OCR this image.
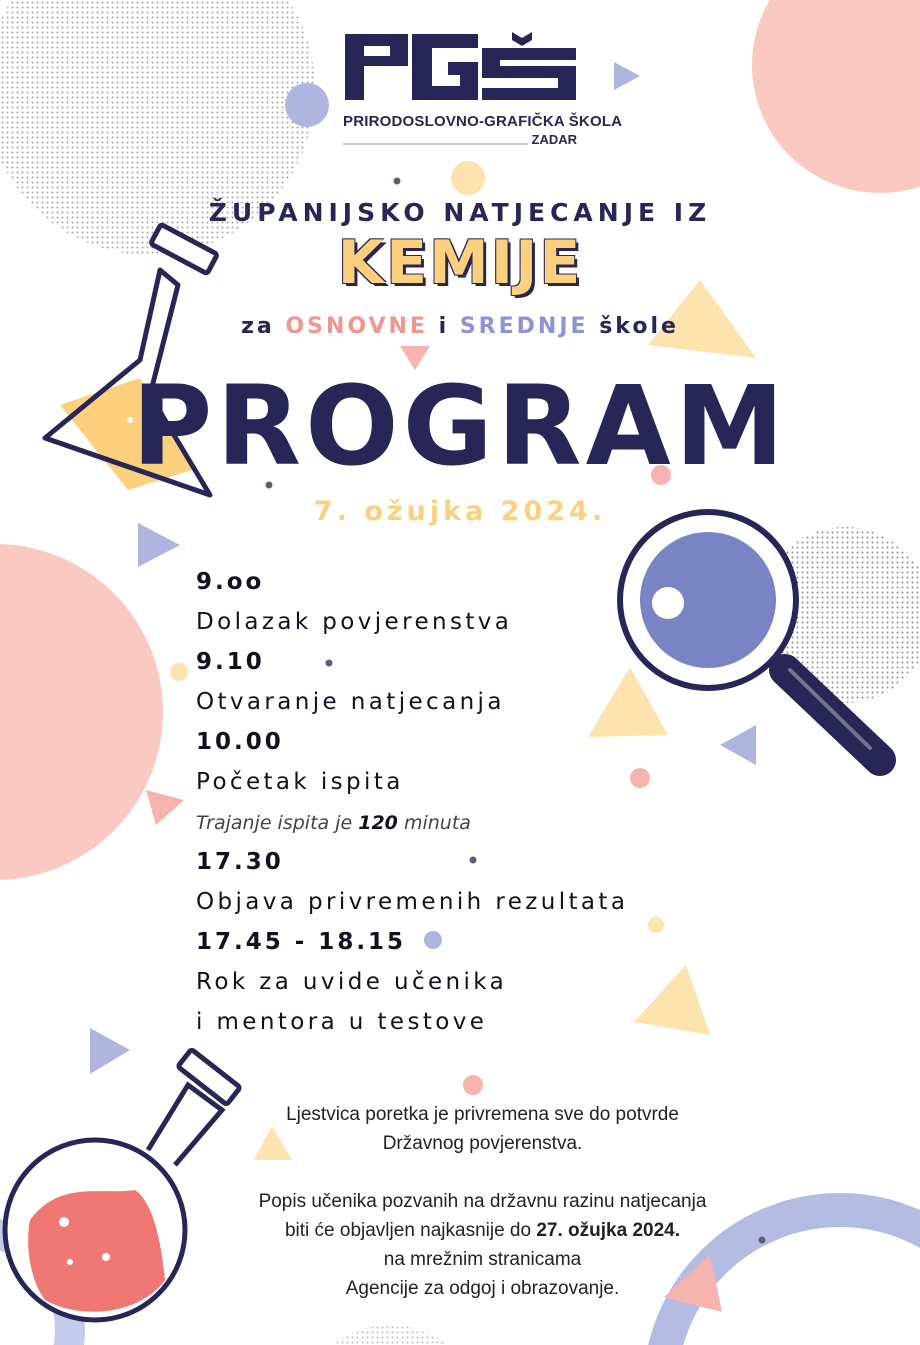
PRIRODOSLOVNO-GRAFIČKA ŠKOLA
ZADAR
ŽUPANIJSKO NATJECANJE IZ
KEMIJE
za OSNOVNE i SREDNJE škole
PROGRAM
7. ožujka 2024.
9.oo
Dolazak povjerenstva
9.10
Otvaranje natjecanja
10.00
Početak ispita
Trajanje ispita je 120 minuta
17.30
Objava privremenih rezultata
17.45 - 18.15
Rok za uvide učenika
i mentora u testove
Ljestvica poretka je privremena sve do potvrde
Državnog povjerenstva.
Popis učenika pozvanih na državnu razinu natjecanja
biti će objavljen najkasnije do 27. ožujka 2024.
na mrežnim stranicama
Agencije za odgoj i obrazovanje.
